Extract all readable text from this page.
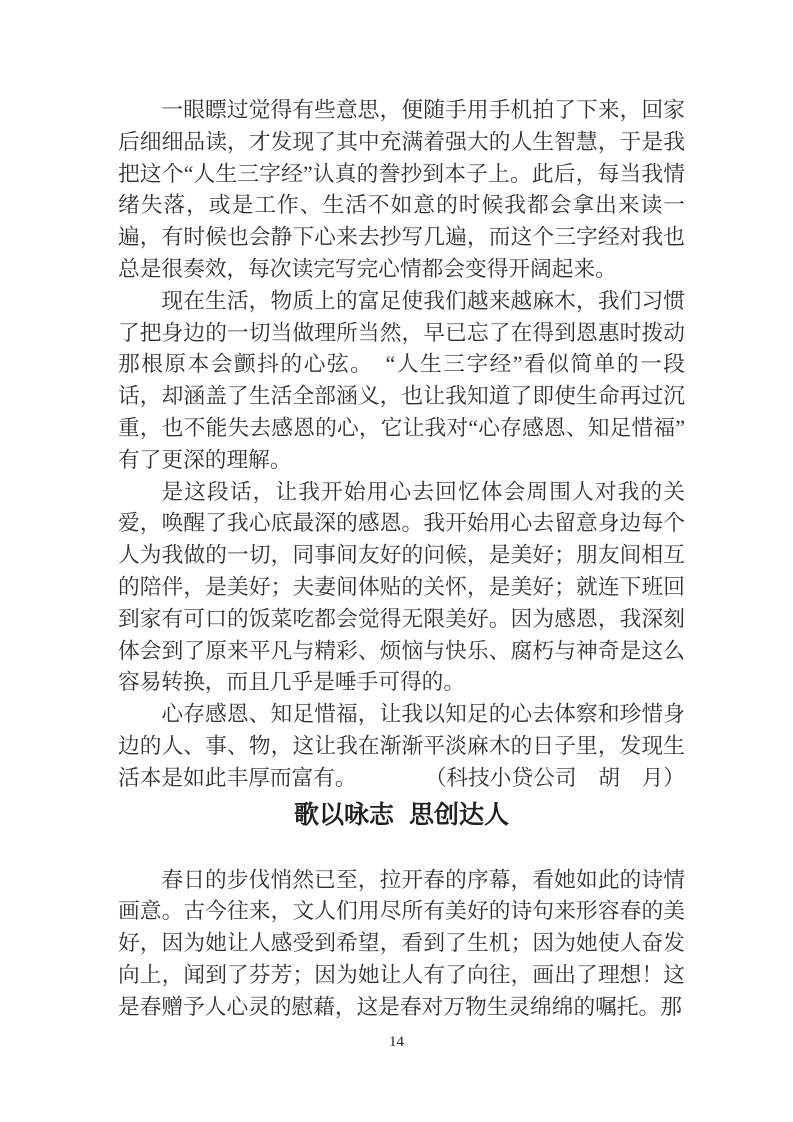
一眼瞟过觉得有些意思，便随手用手机拍了下来，回家后细细品读，才发现了其中充满着强大的人生智慧，于是我把这个“人生三字经”认真的誊抄到本子上。此后，每当我情绪失落，或是工作、生活不如意的时候我都会拿出来读一遍，有时候也会静下心来去抄写几遍，而这个三字经对我也总是很奏效，每次读完写完心情都会变得开阔起来。

现在生活，物质上的富足使我们越来越麻木，我们习惯了把身边的一切当做理所当然，早已忘了在得到恩惠时拨动那根原本会颤抖的心弦。　“人生三字经”看似简单的一段话，却涵盖了生活全部涵义，也让我知道了即使生命再过沉重，也不能失去感恩的心，它让我对“心存感恩、知足惜福”有了更深的理解。

是这段话，让我开始用心去回忆体会周围人对我的关爱，唤醒了我心底最深的感恩。我开始用心去留意身边每个人为我做的一切，同事间友好的问候，是美好；朋友间相互的陪伴，是美好；夫妻间体贴的关怀，是美好；就连下班回到家有可口的饭菜吃都会觉得无限美好。因为感恩，我深刻体会到了原来平凡与精彩、烦恼与快乐、腐朽与神奇是这么容易转换，而且几乎是唾手可得的。

心存感恩、知足惜福，让我以知足的心去体察和珍惜身边的人、事、物，这让我在渐渐平淡麻木的日子里，发现生活本是如此丰厚而富有。	（科技小贷公司　胡　月）

歌以咏志 思创达人

春日的步伐悄然已至，拉开春的序幕，看她如此的诗情画意。古今往来，文人们用尽所有美好的诗句来形容春的美好，因为她让人感受到希望，看到了生机；因为她使人奋发向上，闻到了芬芳；因为她让人有了向往，画出了理想！这是春赠予人心灵的慰藉，这是春对万物生灵绵绵的嘱托。那

14
